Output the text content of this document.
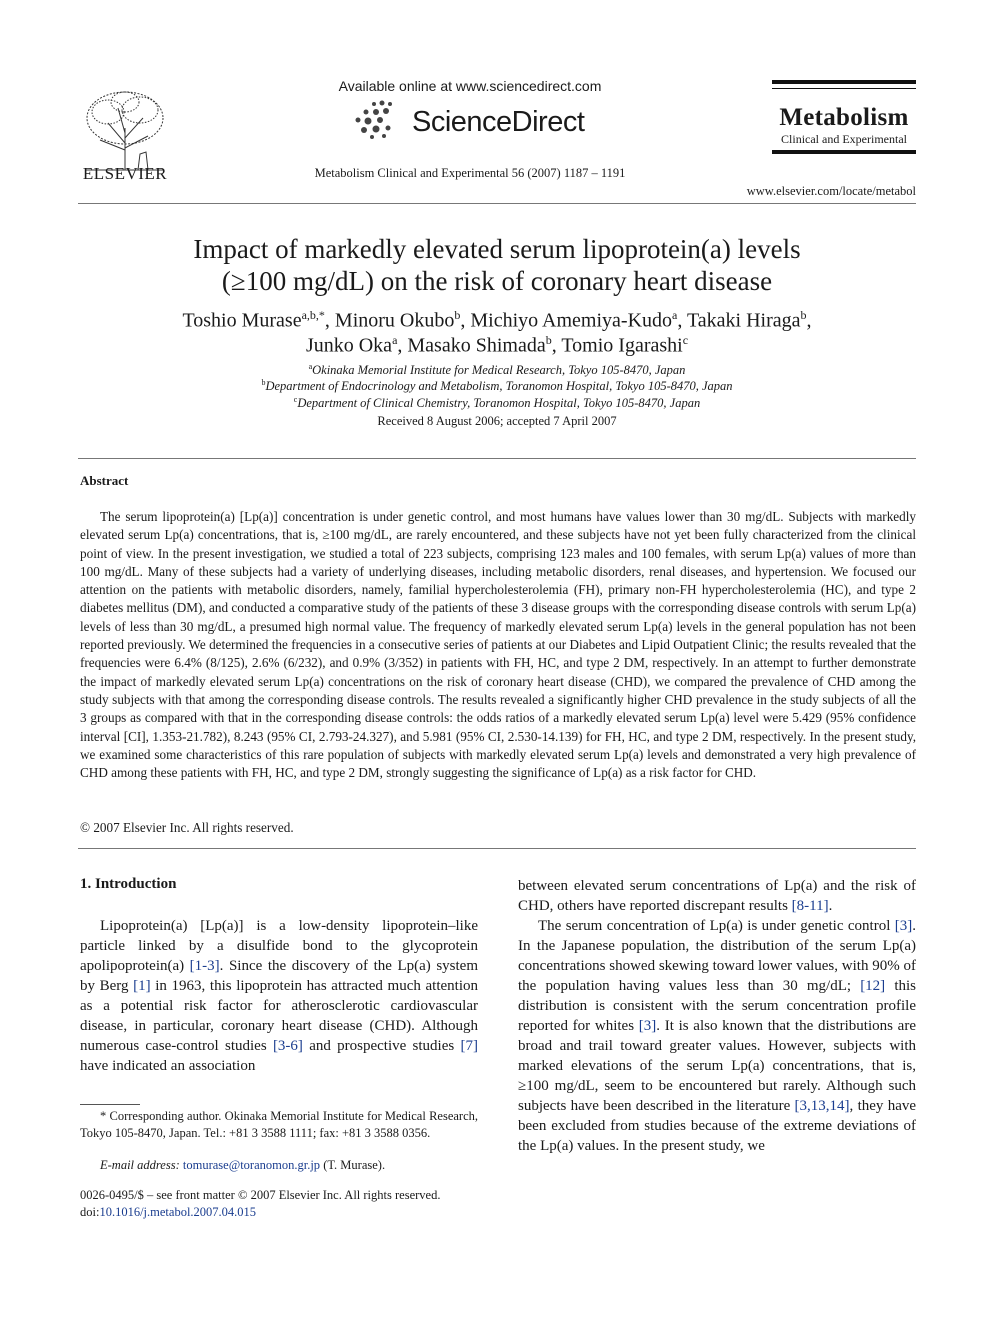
ELSEVIER
Available online at www.sciencedirect.com
ScienceDirect
Metabolism Clinical and Experimental 56 (2007) 1187 – 1191
Metabolism
Clinical and Experimental
www.elsevier.com/locate/metabol
Impact of markedly elevated serum lipoprotein(a) levels
(≥100 mg/dL) on the risk of coronary heart disease
Toshio Murase$^{a,b,*}$, Minoru Okubo$^b$, Michiyo Amemiya-Kudo$^a$, Takaki Hiraga$^b$,
Junko Oka$^a$, Masako Shimada$^b$, Tomio Igarashi$^c$
$^a$Okinaka Memorial Institute for Medical Research, Tokyo 105-8470, Japan
$^b$Department of Endocrinology and Metabolism, Toranomon Hospital, Tokyo 105-8470, Japan
$^c$Department of Clinical Chemistry, Toranomon Hospital, Tokyo 105-8470, Japan
Received 8 August 2006; accepted 7 April 2007
Abstract

The serum lipoprotein(a) [Lp(a)] concentration is under genetic control, and most humans have values lower than 30 mg/dL. Subjects with markedly elevated serum Lp(a) concentrations, that is, ≥100 mg/dL, are rarely encountered, and these subjects have not yet been fully characterized from the clinical point of view. In the present investigation, we studied a total of 223 subjects, comprising 123 males and 100 females, with serum Lp(a) values of more than 100 mg/dL. Many of these subjects had a variety of underlying diseases, including metabolic disorders, renal diseases, and hypertension. We focused our attention on the patients with metabolic disorders, namely, familial hypercholesterolemia (FH), primary non-FH hypercholesterolemia (HC), and type 2 diabetes mellitus (DM), and conducted a comparative study of the patients of these 3 disease groups with the corresponding disease controls with serum Lp(a) levels of less than 30 mg/dL, a presumed high normal value. The frequency of markedly elevated serum Lp(a) levels in the general population has not been reported previously. We determined the frequencies in a consecutive series of patients at our Diabetes and Lipid Outpatient Clinic; the results revealed that the frequencies were 6.4% (8/125), 2.6% (6/232), and 0.9% (3/352) in patients with FH, HC, and type 2 DM, respectively. In an attempt to further demonstrate the impact of markedly elevated serum Lp(a) concentrations on the risk of coronary heart disease (CHD), we compared the prevalence of CHD among the study subjects with that among the corresponding disease controls. The results revealed a significantly higher CHD prevalence in the study subjects of all the 3 groups as compared with that in the corresponding disease controls: the odds ratios of a markedly elevated serum Lp(a) level were 5.429 (95% confidence interval [CI], 1.353-21.782), 8.243 (95% CI, 2.793-24.327), and 5.981 (95% CI, 2.530-14.139) for FH, HC, and type 2 DM, respectively. In the present study, we examined some characteristics of this rare population of subjects with markedly elevated serum Lp(a) levels and demonstrated a very high prevalence of CHD among these patients with FH, HC, and type 2 DM, strongly suggesting the significance of Lp(a) as a risk factor for CHD.

© 2007 Elsevier Inc. All rights reserved.
1. Introduction

Lipoprotein(a) [Lp(a)] is a low-density lipoprotein–like particle linked by a disulfide bond to the glycoprotein apolipoprotein(a) [1-3]. Since the discovery of the Lp(a) system by Berg [1] in 1963, this lipoprotein has attracted much attention as a potential risk factor for atherosclerotic cardiovascular disease, in particular, coronary heart disease (CHD). Although numerous case-control studies [3-6] and prospective studies [7] have indicated an association

between elevated serum concentrations of Lp(a) and the risk of CHD, others have reported discrepant results [8-11].

The serum concentration of Lp(a) is under genetic control [3]. In the Japanese population, the distribution of the serum Lp(a) concentrations showed skewing toward lower values, with 90% of the population having values less than 30 mg/dL; [12] this distribution is consistent with the serum concentration profile reported for whites [3]. It is also known that the distributions are broad and trail toward greater values. However, subjects with marked elevations of the serum Lp(a) concentrations, that is, ≥100 mg/dL, seem to be encountered but rarely. Although such subjects have been described in the literature [3,13,14], they have been excluded from studies because of the extreme deviations of the Lp(a) values. In the present study, we

* Corresponding author. Okinaka Memorial Institute for Medical Research, Tokyo 105-8470, Japan. Tel.: +81 3 3588 1111; fax: +81 3 3588 0356.

E-mail address: tomurase@toranomon.gr.jp (T. Murase).
0026-0495/$ – see front matter © 2007 Elsevier Inc. All rights reserved.
doi:10.1016/j.metabol.2007.04.015
